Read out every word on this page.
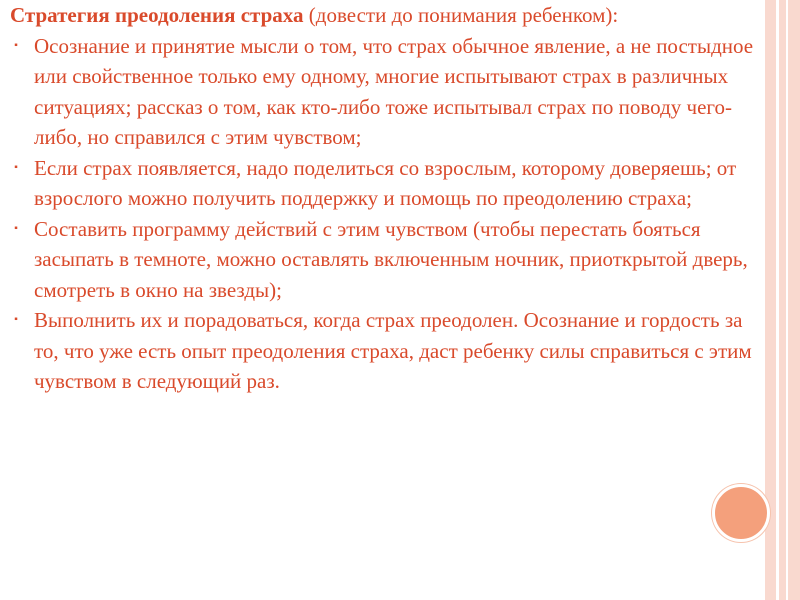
Стратегия преодоления страха (довести до понимания ребенком):

▪ Осознание и принятие мысли о том, что страх обычное явление, а не постыдное или свойственное только ему одному, многие испытывают страх в различных ситуациях; рассказ о том, как кто-либо тоже испытывал страх по поводу чего-либо, но справился с этим чувством;
▪ Если страх появляется, надо поделиться со взрослым, которому доверяешь; от взрослого можно получить поддержку и помощь по преодолению страха;
▪ Составить программу действий с этим чувством (чтобы перестать бояться засыпать в темноте, можно оставлять включенным ночник, приоткрытой дверь, смотреть в окно на звезды);
▪ Выполнить их и порадоваться, когда страх преодолен. Осознание и гордость за то, что уже есть опыт преодоления страха, даст ребенку силы справиться с этим чувством в следующий раз.
